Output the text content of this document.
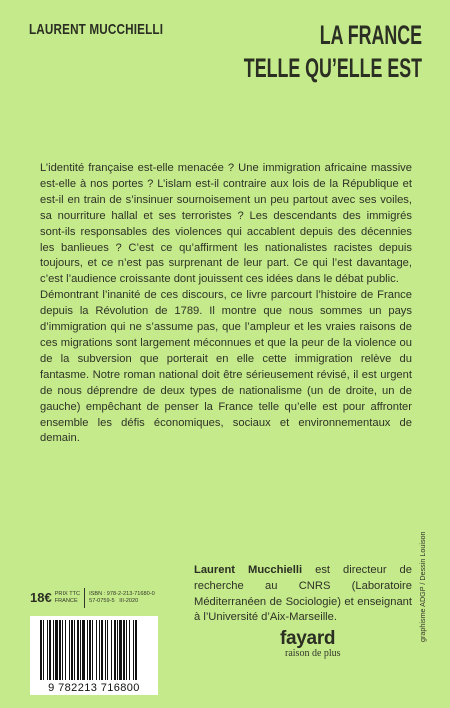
LAURENT MUCCHIELLI	LA FRANCE
TELLE QU’ELLE EST

L’identité française est-elle menacée ? Une immigration africaine massive est-elle à nos portes ? L’islam est-il contraire aux lois de la République et est-il en train de s’insinuer sournoisement un peu partout avec ses voiles, sa nourriture hallal et ses terroristes ? Les descendants des immigrés sont-ils responsables des violences qui accablent depuis des décennies les banlieues ? C’est ce qu’affirment les nationalistes racistes depuis toujours, et ce n’est pas surprenant de leur part. Ce qui l’est davantage, c’est l’audience croissante dont jouissent ces idées dans le débat public.

Démontrant l’inanité de ces discours, ce livre parcourt l’histoire de France depuis la Révolution de 1789. Il montre que nous sommes un pays d’immigration qui ne s’assume pas, que l’ampleur et les vraies raisons de ces migrations sont largement méconnues et que la peur de la violence ou de la subversion que porterait en elle cette immigration relève du fantasme. Notre roman national doit être sérieusement révisé, il est urgent de nous déprendre de deux types de nationalisme (un de droite, un de gauche) empêchant de penser la France telle qu’elle est pour affronter ensemble les défis économiques, sociaux et environnementaux de demain.

graphisme ADGP / Dessin Louison
Laurent Mucchielli est directeur de recherche au CNRS (Laboratoire Méditerranéen de Sociologie) et enseignant à l’Université d’Aix-Marseille.
18€ PRIX TTC
FRANCE
ISBN : 978-2-213-71680-0
57-0759-5 III-2020
9 782213 716800
fayard
raison de plus
